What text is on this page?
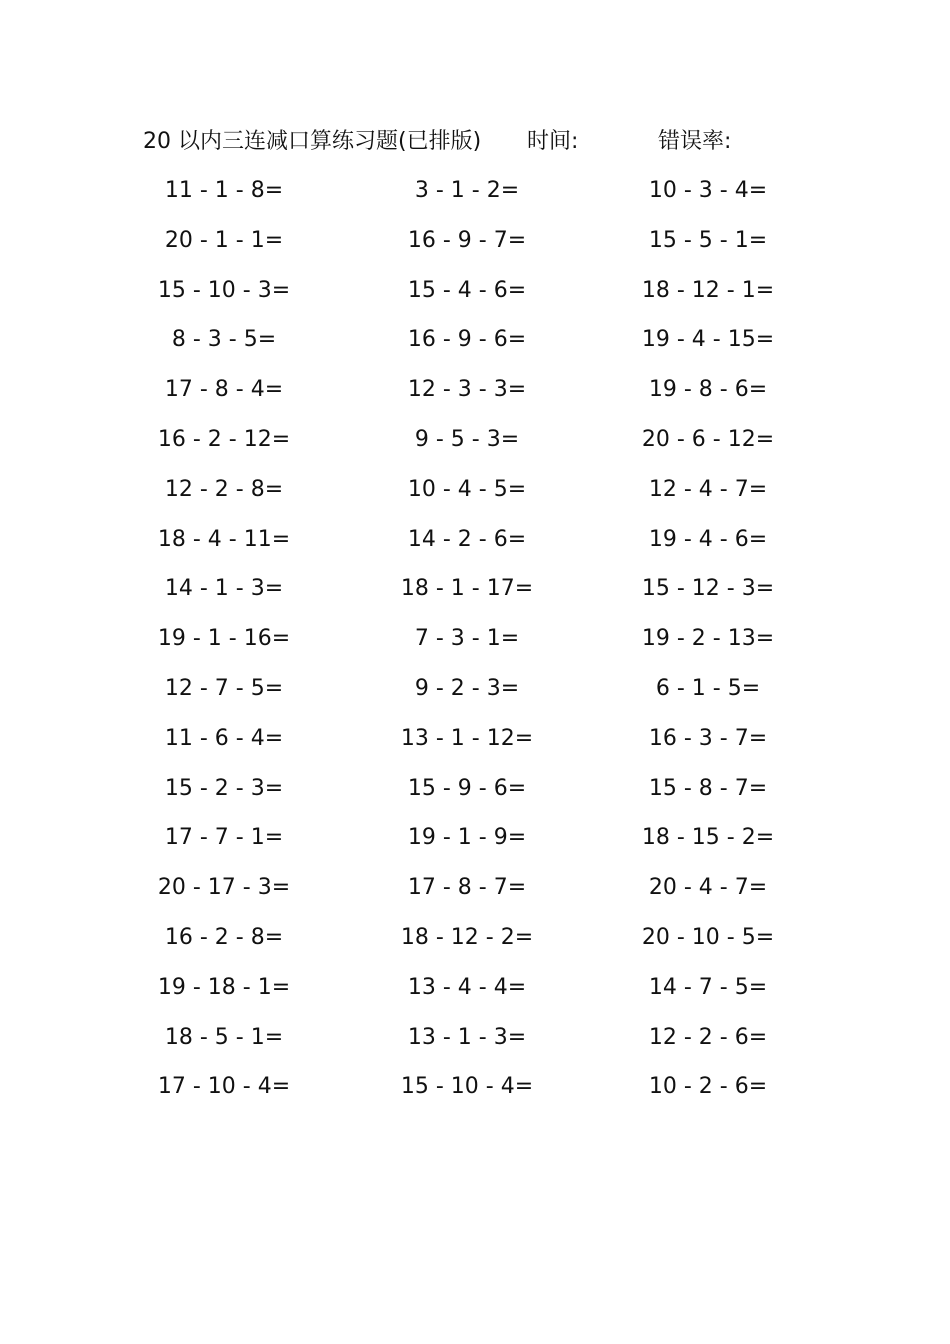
20 以内三连减口算练习题(已排版) 时间:	错误率:
11 - 1 - 8=	3 - 1 - 2=	10 - 3 - 4=
20 - 1 - 1=	16 - 9 - 7=	15 - 5 - 1=
15 - 10 - 3=	15 - 4 - 6=	18 - 12 - 1=
8 - 3 - 5=	16 - 9 - 6=	19 - 4 - 15=
17 - 8 - 4=	12 - 3 - 3=	19 - 8 - 6=
16 - 2 - 12=	9 - 5 - 3=	20 - 6 - 12=
12 - 2 - 8=	10 - 4 - 5=	12 - 4 - 7=
18 - 4 - 11=	14 - 2 - 6=	19 - 4 - 6=
14 - 1 - 3=	18 - 1 - 17=	15 - 12 - 3=
19 - 1 - 16=	7 - 3 - 1=	19 - 2 - 13=
12 - 7 - 5=	9 - 2 - 3=	6 - 1 - 5=
11 - 6 - 4=	13 - 1 - 12=	16 - 3 - 7=
15 - 2 - 3=	15 - 9 - 6=	15 - 8 - 7=
17 - 7 - 1=	19 - 1 - 9=	18 - 15 - 2=
20 - 17 - 3=	17 - 8 - 7=	20 - 4 - 7=
16 - 2 - 8=	18 - 12 - 2=	20 - 10 - 5=
19 - 18 - 1=	13 - 4 - 4=	14 - 7 - 5=
18 - 5 - 1=	13 - 1 - 3=	12 - 2 - 6=
17 - 10 - 4=	15 - 10 - 4=	10 - 2 - 6=
